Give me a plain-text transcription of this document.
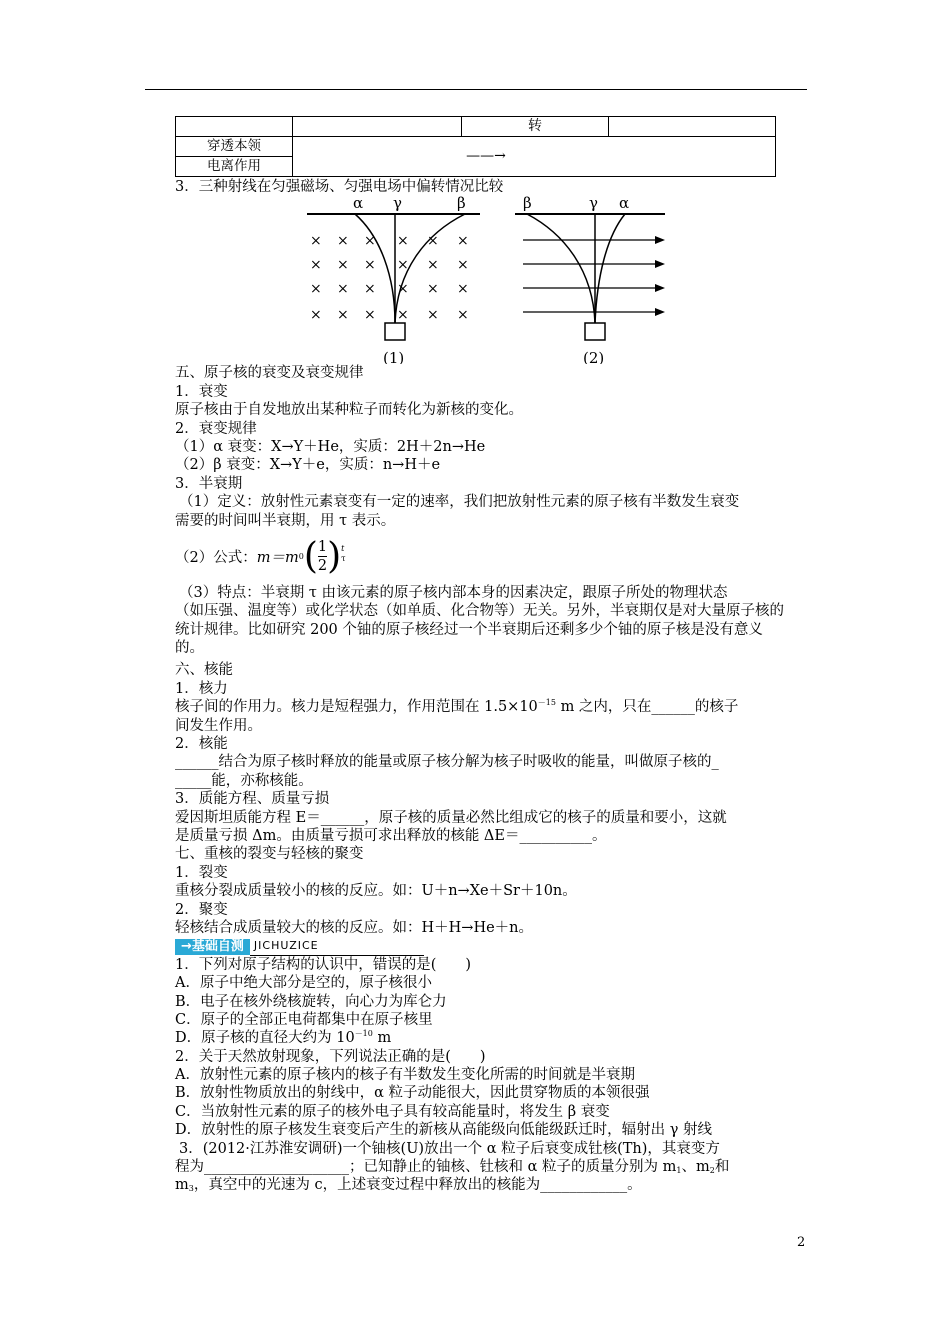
		转	
穿透本领	——→		
电离作用			
3．三种射线在匀强磁场、匀强电场中偏转情况比较
α γ	β
× × × × × ×
× × × × × ×
× × × × × ×
× × × × × ×
(1)
β	γ α
(2)
五、原子核的衰变及衰变规律
1．衰变
原子核由于自发地放出某种粒子而转化为新核的变化。
2．衰变规律
（1）α 衰变：X→Y＋He，实质：2H＋2n→He
（2）β 衰变：X→Y＋e，实质：n→H＋e
3．半衰期
（1）定义：放射性元素衰变有一定的速率，我们把放射性元素的原子核有半数发生衰变
需要的时间叫半衰期，用 τ 表示。
（2）公式： m＝m 0 ( $\frac{1}{2}$ ) t
τ
（3）特点：半衰期 τ 由该元素的原子核内部本身的因素决定，跟原子所处的物理状态
（如压强、温度等）或化学状态（如单质、化合物等）无关。另外，半衰期仅是对大量原子核的
统计规律。比如研究 200 个铀的原子核经过一个半衰期后还剩多少个铀的原子核是没有意义
的。
六、核能
1．核力
核子间的作用力。核力是短程强力，作用范围在 $1.5\times 10^{-15}$ m 之内，只在______的核子
间发生作用。
2．核能
______结合为原子核时释放的能量或原子核分解为核子时吸收的能量，叫做原子核的_
_____能，亦称核能。
3．质能方程、质量亏损
爱因斯坦质能方程 E＝______，原子核的质量必然比组成它的核子的质量和要小，这就
是质量亏损 Δm。由质量亏损可求出释放的核能 ΔE＝__________。
七、重核的裂变与轻核的聚变
1．裂变
重核分裂成质量较小的核的反应。如：U＋n→Xe＋Sr＋10n。
2．聚变
轻核结合成质量较大的核的反应。如：H＋H→He＋n。
→基础自测 JICHUZICE
1．下列对原子结构的认识中，错误的是(　　)
A．原子中绝大部分是空的，原子核很小
B．电子在核外绕核旋转，向心力为库仑力
C．原子的全部正电荷都集中在原子核里
D．原子核的直径大约为 $10^{-10}$ m
2．关于天然放射现象，下列说法正确的是(　　)
A．放射性元素的原子核内的核子有半数发生变化所需的时间就是半衰期
B．放射性物质放出的射线中，α 粒子动能很大，因此贯穿物质的本领很强
C．当放射性元素的原子的核外电子具有较高能量时，将发生 β 衰变
D．放射性的原子核发生衰变后产生的新核从高能级向低能级跃迁时，辐射出 γ 射线
3．(2012·江苏淮安调研)一个铀核(U)放出一个 α 粒子后衰变成钍核(Th)，其衰变方
程为____________________；已知静止的铀核、钍核和 α 粒子的质量分别为 $m_1$、$m_2$和
$m_3$，真空中的光速为 c，上述衰变过程中释放出的核能为____________。
2
